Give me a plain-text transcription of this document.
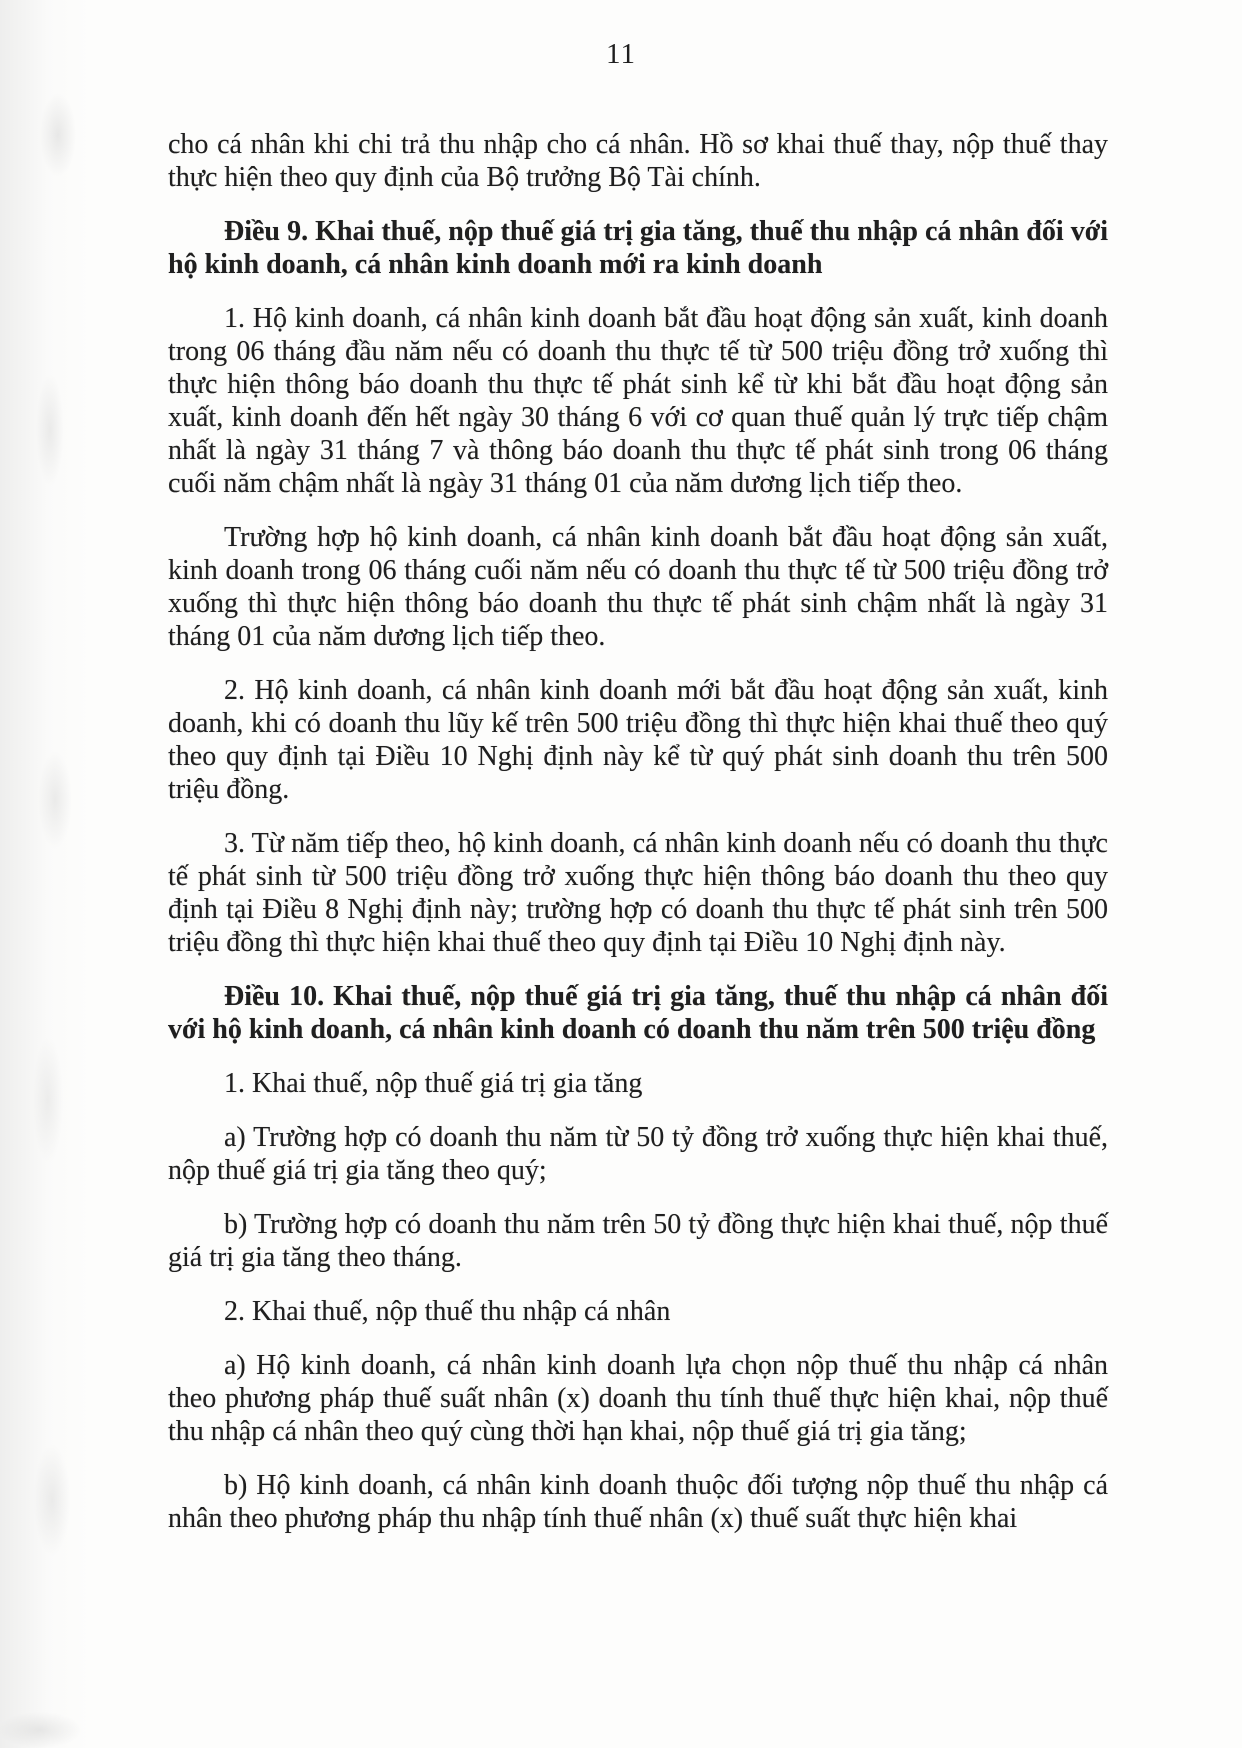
11

cho cá nhân khi chi trả thu nhập cho cá nhân. Hồ sơ khai thuế thay, nộp thuế thay thực hiện theo quy định của Bộ trưởng Bộ Tài chính.

Điều 9. Khai thuế, nộp thuế giá trị gia tăng, thuế thu nhập cá nhân đối với hộ kinh doanh, cá nhân kinh doanh mới ra kinh doanh

1. Hộ kinh doanh, cá nhân kinh doanh bắt đầu hoạt động sản xuất, kinh doanh trong 06 tháng đầu năm nếu có doanh thu thực tế từ 500 triệu đồng trở xuống thì thực hiện thông báo doanh thu thực tế phát sinh kể từ khi bắt đầu hoạt động sản xuất, kinh doanh đến hết ngày 30 tháng 6 với cơ quan thuế quản lý trực tiếp chậm nhất là ngày 31 tháng 7 và thông báo doanh thu thực tế phát sinh trong 06 tháng cuối năm chậm nhất là ngày 31 tháng 01 của năm dương lịch tiếp theo.

Trường hợp hộ kinh doanh, cá nhân kinh doanh bắt đầu hoạt động sản xuất, kinh doanh trong 06 tháng cuối năm nếu có doanh thu thực tế từ 500 triệu đồng trở xuống thì thực hiện thông báo doanh thu thực tế phát sinh chậm nhất là ngày 31 tháng 01 của năm dương lịch tiếp theo.

2. Hộ kinh doanh, cá nhân kinh doanh mới bắt đầu hoạt động sản xuất, kinh doanh, khi có doanh thu lũy kế trên 500 triệu đồng thì thực hiện khai thuế theo quý theo quy định tại Điều 10 Nghị định này kể từ quý phát sinh doanh thu trên 500 triệu đồng.

3. Từ năm tiếp theo, hộ kinh doanh, cá nhân kinh doanh nếu có doanh thu thực tế phát sinh từ 500 triệu đồng trở xuống thực hiện thông báo doanh thu theo quy định tại Điều 8 Nghị định này; trường hợp có doanh thu thực tế phát sinh trên 500 triệu đồng thì thực hiện khai thuế theo quy định tại Điều 10 Nghị định này.

Điều 10. Khai thuế, nộp thuế giá trị gia tăng, thuế thu nhập cá nhân đối với hộ kinh doanh, cá nhân kinh doanh có doanh thu năm trên 500 triệu đồng

1. Khai thuế, nộp thuế giá trị gia tăng

a) Trường hợp có doanh thu năm từ 50 tỷ đồng trở xuống thực hiện khai thuế, nộp thuế giá trị gia tăng theo quý;

b) Trường hợp có doanh thu năm trên 50 tỷ đồng thực hiện khai thuế, nộp thuế giá trị gia tăng theo tháng.

2. Khai thuế, nộp thuế thu nhập cá nhân

a) Hộ kinh doanh, cá nhân kinh doanh lựa chọn nộp thuế thu nhập cá nhân theo phương pháp thuế suất nhân (x) doanh thu tính thuế thực hiện khai, nộp thuế thu nhập cá nhân theo quý cùng thời hạn khai, nộp thuế giá trị gia tăng;

b) Hộ kinh doanh, cá nhân kinh doanh thuộc đối tượng nộp thuế thu nhập cá nhân theo phương pháp thu nhập tính thuế nhân (x) thuế suất thực hiện khai
